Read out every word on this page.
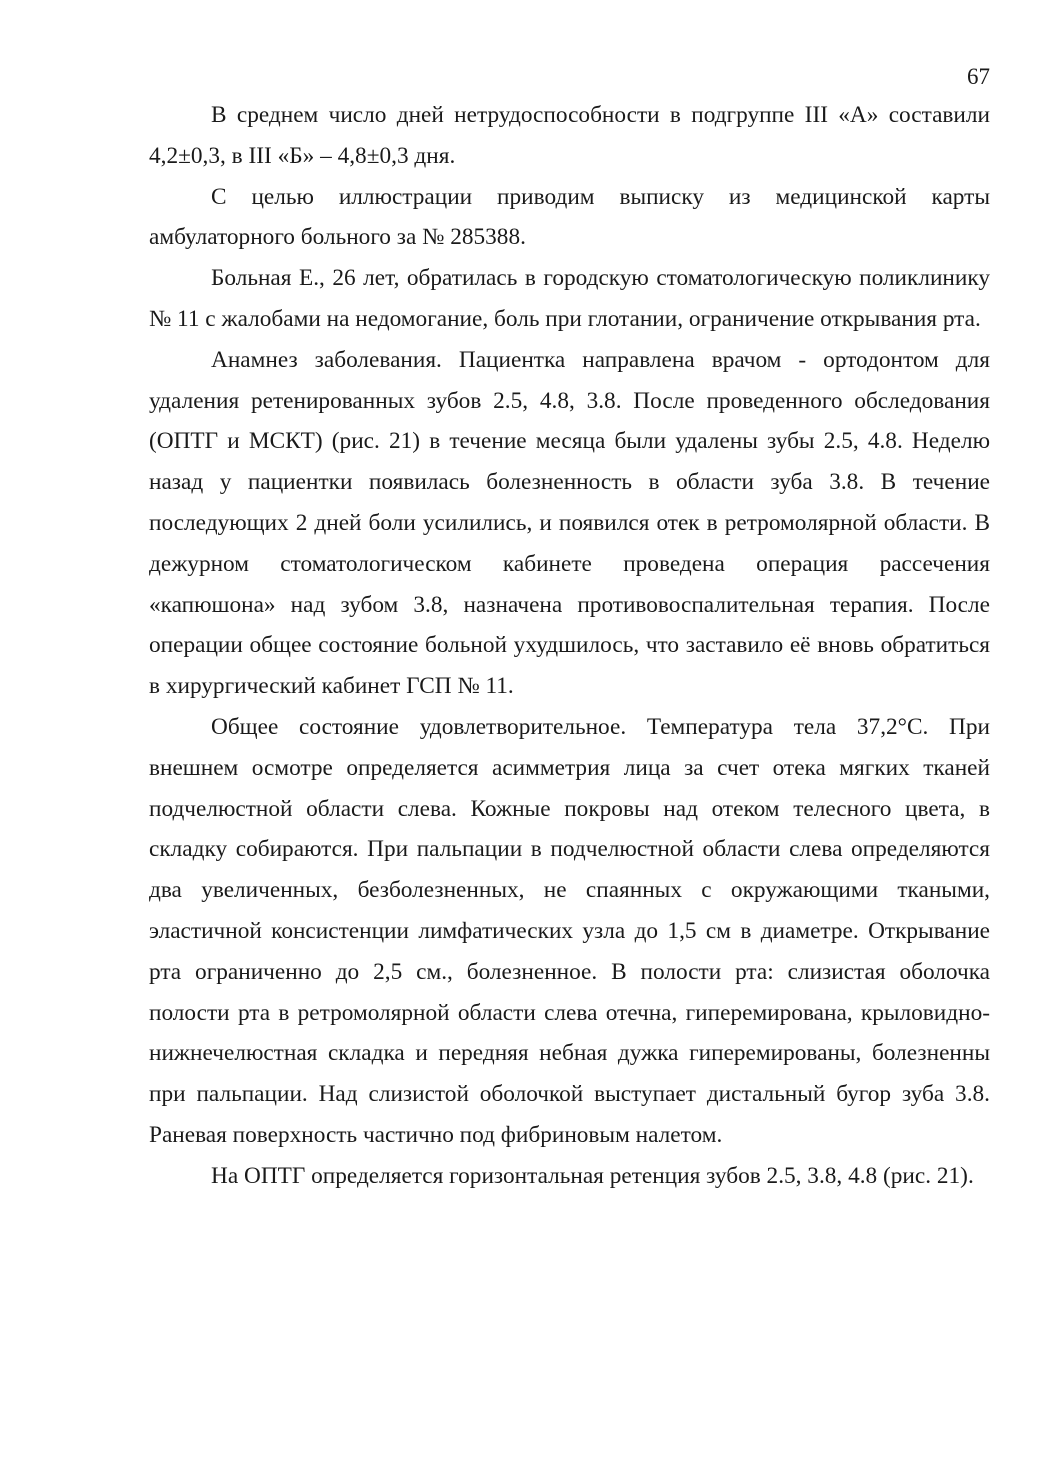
67

В среднем число дней нетрудоспособности в подгруппе III «А» составили 4,2±0,3, в III «Б» – 4,8±0,3 дня.

С целью иллюстрации приводим выписку из медицинской карты амбулаторного больного за № 285388.

Больная Е., 26 лет, обратилась в городскую стоматологическую поликлинику № 11 с жалобами на недомогание, боль при глотании, ограничение открывания рта.

Анамнез заболевания. Пациентка направлена врачом - ортодонтом для удаления ретенированных зубов 2.5, 4.8, 3.8. После проведенного обследования (ОПТГ и МСКТ) (рис. 21) в течение месяца были удалены зубы 2.5, 4.8. Неделю назад у пациентки появилась болезненность в области зуба 3.8. В течение последующих 2 дней боли усилились, и появился отек в ретромолярной области. В дежурном стоматологическом кабинете проведена операция рассечения «капюшона» над зубом 3.8, назначена противовоспалительная терапия. После операции общее состояние больной ухудшилось, что заставило её вновь обратиться в хирургический кабинет ГСП № 11.

Общее состояние удовлетворительное. Температура тела 37,2°С. При внешнем осмотре определяется асимметрия лица за счет отека мягких тканей подчелюстной области слева. Кожные покровы над отеком телесного цвета, в складку собираются. При пальпации в подчелюстной области слева определяются два увеличенных, безболезненных, не спаянных с окружающими ткаными, эластичной консистенции лимфатических узла до 1,5 см в диаметре. Открывание рта ограниченно до 2,5 см., болезненное. В полости рта: слизистая оболочка полости рта в ретромолярной области слева отечна, гиперемирована, крыловидно-нижнечелюстная складка и передняя небная дужка гиперемированы, болезненны при пальпации. Над слизистой оболочкой выступает дистальный бугор зуба 3.8. Раневая поверхность частично под фибриновым налетом.

На ОПТГ определяется горизонтальная ретенция зубов 2.5, 3.8, 4.8 (рис. 21).
